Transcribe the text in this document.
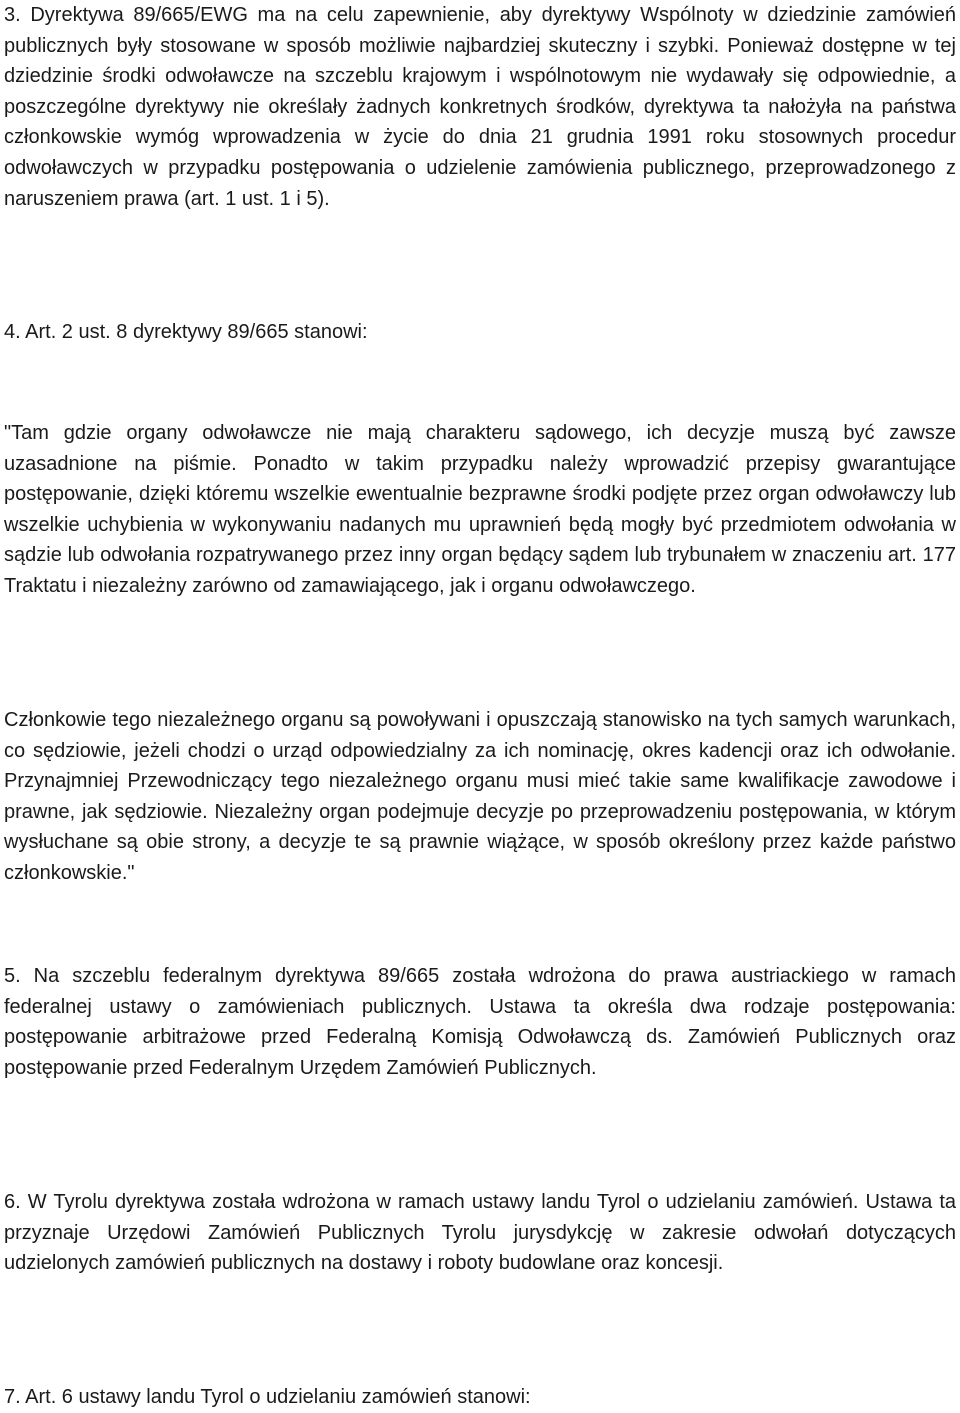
3. Dyrektywa 89/665/EWG ma na celu zapewnienie, aby dyrektywy Wspólnoty w dziedzinie zamówień publicznych były stosowane w sposób możliwie najbardziej skuteczny i szybki. Ponieważ dostępne w tej dziedzinie środki odwoławcze na szczeblu krajowym i wspólnotowym nie wydawały się odpowiednie, a poszczególne dyrektywy nie określały żadnych konkretnych środków, dyrektywa ta nałożyła na państwa członkowskie wymóg wprowadzenia w życie do dnia 21 grudnia 1991 roku stosownych procedur odwoławczych w przypadku postępowania o udzielenie zamówienia publicznego, przeprowadzonego z naruszeniem prawa (art. 1 ust. 1 i 5).

4. Art. 2 ust. 8 dyrektywy 89/665 stanowi:

"Tam gdzie organy odwoławcze nie mają charakteru sądowego, ich decyzje muszą być zawsze uzasadnione na piśmie. Ponadto w takim przypadku należy wprowadzić przepisy gwarantujące postępowanie, dzięki któremu wszelkie ewentualnie bezprawne środki podjęte przez organ odwoławczy lub wszelkie uchybienia w wykonywaniu nadanych mu uprawnień będą mogły być przedmiotem odwołania w sądzie lub odwołania rozpatrywanego przez inny organ będący sądem lub trybunałem w znaczeniu art. 177 Traktatu i niezależny zarówno od zamawiającego, jak i organu odwoławczego.

Członkowie tego niezależnego organu są powoływani i opuszczają stanowisko na tych samych warunkach, co sędziowie, jeżeli chodzi o urząd odpowiedzialny za ich nominację, okres kadencji oraz ich odwołanie. Przynajmniej Przewodniczący tego niezależnego organu musi mieć takie same kwalifikacje zawodowe i prawne, jak sędziowie. Niezależny organ podejmuje decyzje po przeprowadzeniu postępowania, w którym wysłuchane są obie strony, a decyzje te są prawnie wiążące, w sposób określony przez każde państwo członkowskie."

5. Na szczeblu federalnym dyrektywa 89/665 została wdrożona do prawa austriackiego w ramach federalnej ustawy o zamówieniach publicznych. Ustawa ta określa dwa rodzaje postępowania: postępowanie arbitrażowe przed Federalną Komisją Odwoławczą ds. Zamówień Publicznych oraz postępowanie przed Federalnym Urzędem Zamówień Publicznych.

6. W Tyrolu dyrektywa została wdrożona w ramach ustawy landu Tyrol o udzielaniu zamówień. Ustawa ta przyznaje Urzędowi Zamówień Publicznych Tyrolu jurysdykcję w zakresie odwołań dotyczących udzielonych zamówień publicznych na dostawy i roboty budowlane oraz koncesji.

7. Art. 6 ustawy landu Tyrol o udzielaniu zamówień stanowi:
